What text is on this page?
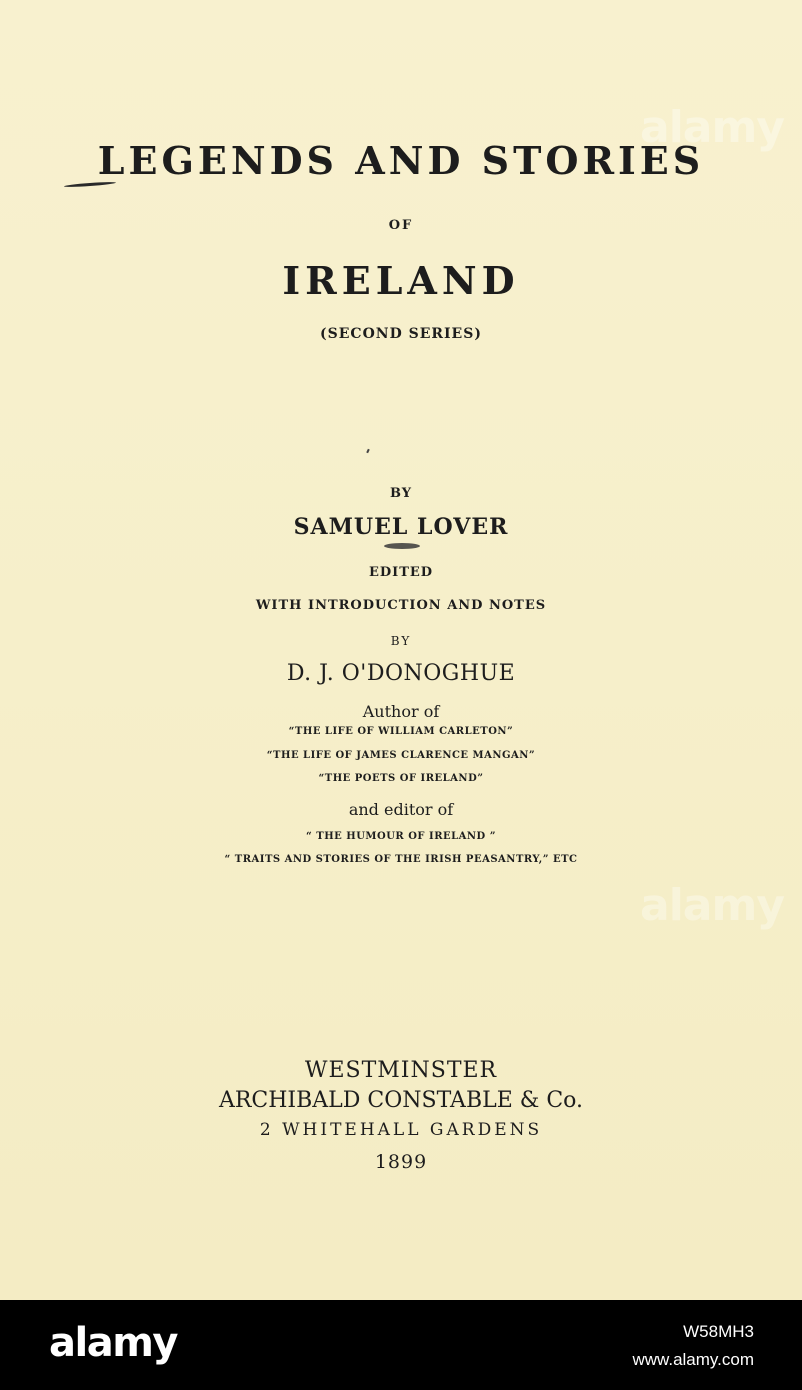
LEGENDS AND STORIES
OF
IRELAND
(SECOND SERIES)
BY
SAMUEL LOVER
EDITED
WITH INTRODUCTION AND NOTES
BY
D. J. O'DONOGHUE
Author of
“THE LIFE OF WILLIAM CARLETON”
“THE LIFE OF JAMES CLARENCE MANGAN”
“THE POETS OF IRELAND”
and editor of
“ THE HUMOUR OF IRELAND ”
“ TRAITS AND STORIES OF THE IRISH PEASANTRY,” ETC
WESTMINSTER
ARCHIBALD CONSTABLE & Co.
2 WHITEHALL GARDENS
1899
alamy
alamy
alamy	W58MH3
www.alamy.com
